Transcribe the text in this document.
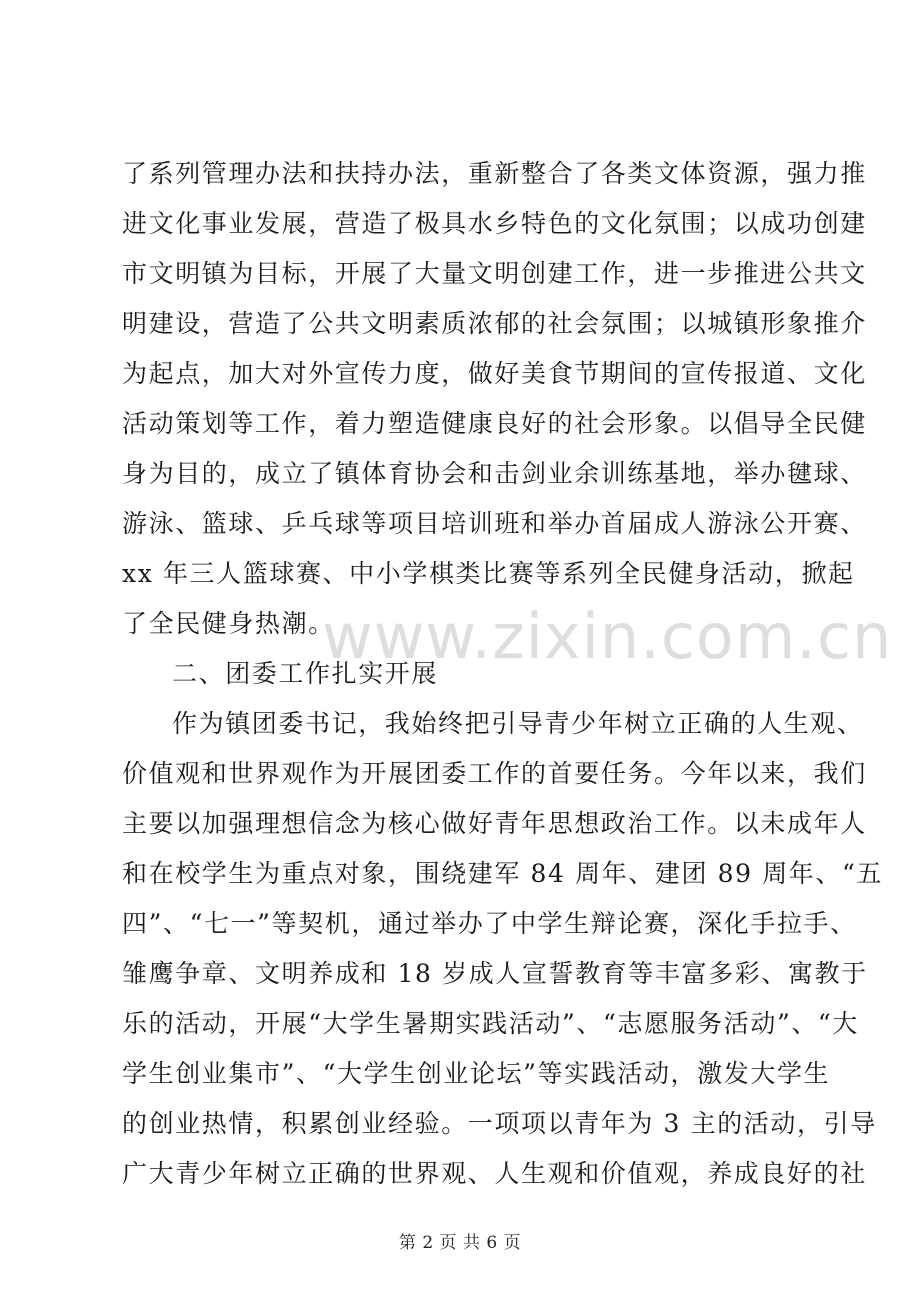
了系列管理办法和扶持办法，重新整合了各类文体资源，强力推
进文化事业发展，营造了极具水乡特色的文化氛围；以成功创建
市文明镇为目标，开展了大量文明创建工作，进一步推进公共文
明建设，营造了公共文明素质浓郁的社会氛围；以城镇形象推介
为起点，加大对外宣传力度，做好美食节期间的宣传报道、文化
活动策划等工作，着力塑造健康良好的社会形象。以倡导全民健
身为目的，成立了镇体育协会和击剑业余训练基地，举办毽球、
游泳、篮球、乒乓球等项目培训班和举办首届成人游泳公开赛、
xx 年三人篮球赛、中小学棋类比赛等系列全民健身活动，掀起
了全民健身热潮。
二、团委工作扎实开展
作为镇团委书记，我始终把引导青少年树立正确的人生观、
价值观和世界观作为开展团委工作的首要任务。今年以来，我们
主要以加强理想信念为核心做好青年思想政治工作。以未成年人
和在校学生为重点对象，围绕建军 84 周年、建团 89 周年、“五
四”、“七一”等契机，通过举办了中学生辩论赛，深化手拉手、
雏鹰争章、文明养成和 18 岁成人宣誓教育等丰富多彩、寓教于
乐的活动，开展“大学生暑期实践活动”、“志愿服务活动”、“大
学生创业集市”、“大学生创业论坛”等实践活动，激发大学生
的创业热情，积累创业经验。一项项以青年为 3 主的活动，引导
广大青少年树立正确的世界观、人生观和价值观，养成良好的社
www.zixin.com.cn
第 2 页 共 6 页
